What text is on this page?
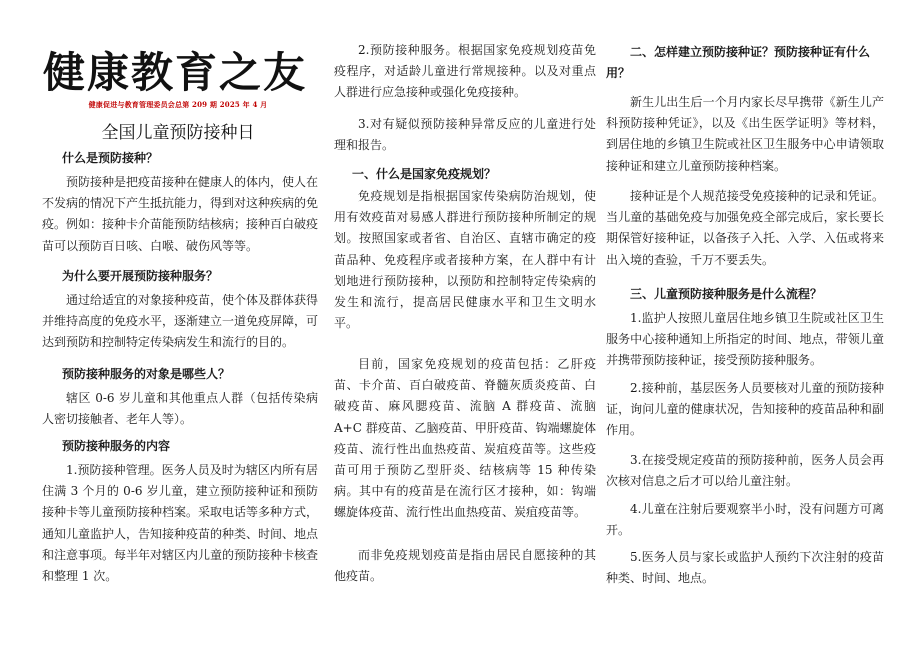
健康教育之友
健康促进与教育管理委员会总第 209 期 2025 年 4 月
全国儿童预防接种日
什么是预防接种？
预防接种是把疫苗接种在健康人的体内，使人在不发病的情况下产生抵抗能力，得到对这种疾病的免疫。例如：接种卡介苗能预防结核病；接种百白破疫苗可以预防百日咳、白喉、破伤风等等。
为什么要开展预防接种服务？
通过给适宜的对象接种疫苗，使个体及群体获得并维持高度的免疫水平，逐渐建立一道免疫屏障，可达到预防和控制特定传染病发生和流行的目的。
预防接种服务的对象是哪些人？
辖区 0-6 岁儿童和其他重点人群（包括传染病人密切接触者、老年人等）。
预防接种服务的内容
1.预防接种管理。医务人员及时为辖区内所有居住满 3 个月的 0-6 岁儿童，建立预防接种证和预防接种卡等儿童预防接种档案。采取电话等多种方式，通知儿童监护人，告知接种疫苗的种类、时间、地点和注意事项。每半年对辖区内儿童的预防接种卡核查和整理 1 次。
2.预防接种服务。根据国家免疫规划疫苗免疫程序，对适龄儿童进行常规接种。以及对重点人群进行应急接种或强化免疫接种。
3.对有疑似预防接种异常反应的儿童进行处理和报告。
一、什么是国家免疫规划？
免疫规划是指根据国家传染病防治规划，使用有效疫苗对易感人群进行预防接种所制定的规划。按照国家或者省、自治区、直辖市确定的疫苗品种、免疫程序或者接种方案，在人群中有计划地进行预防接种，以预防和控制特定传染病的发生和流行，提高居民健康水平和卫生文明水平。
目前，国家免疫规划的疫苗包括：乙肝疫苗、卡介苗、百白破疫苗、脊髓灰质炎疫苗、白破疫苗、麻风腮疫苗、流脑 A 群疫苗、流脑 A+C 群疫苗、乙脑疫苗、甲肝疫苗、钩端螺旋体疫苗、流行性出血热疫苗、炭疽疫苗等。这些疫苗可用于预防乙型肝炎、结核病等 15 种传染病。其中有的疫苗是在流行区才接种，如：钩端螺旋体疫苗、流行性出血热疫苗、炭疽疫苗等。
而非免疫规划疫苗是指由居民自愿接种的其他疫苗。
二、怎样建立预防接种证？预防接种证有什么用？
新生儿出生后一个月内家长尽早携带《新生儿产科预防接种凭证》，以及《出生医学证明》等材料，到居住地的乡镇卫生院或社区卫生服务中心申请领取接种证和建立儿童预防接种档案。
接种证是个人规范接受免疫接种的记录和凭证。当儿童的基础免疫与加强免疫全部完成后，家长要长期保管好接种证，以备孩子入托、入学、入伍或将来出入境的查验，千万不要丢失。
三、儿童预防接种服务是什么流程？
1.监护人按照儿童居住地乡镇卫生院或社区卫生服务中心接种通知上所指定的时间、地点，带领儿童并携带预防接种证，接受预防接种服务。
2.接种前，基层医务人员要核对儿童的预防接种证，询问儿童的健康状况，告知接种的疫苗品种和副作用。
3.在接受规定疫苗的预防接种前，医务人员会再次核对信息之后才可以给儿童注射。
4.儿童在注射后要观察半小时，没有问题方可离开。
5.医务人员与家长或监护人预约下次注射的疫苗种类、时间、地点。
